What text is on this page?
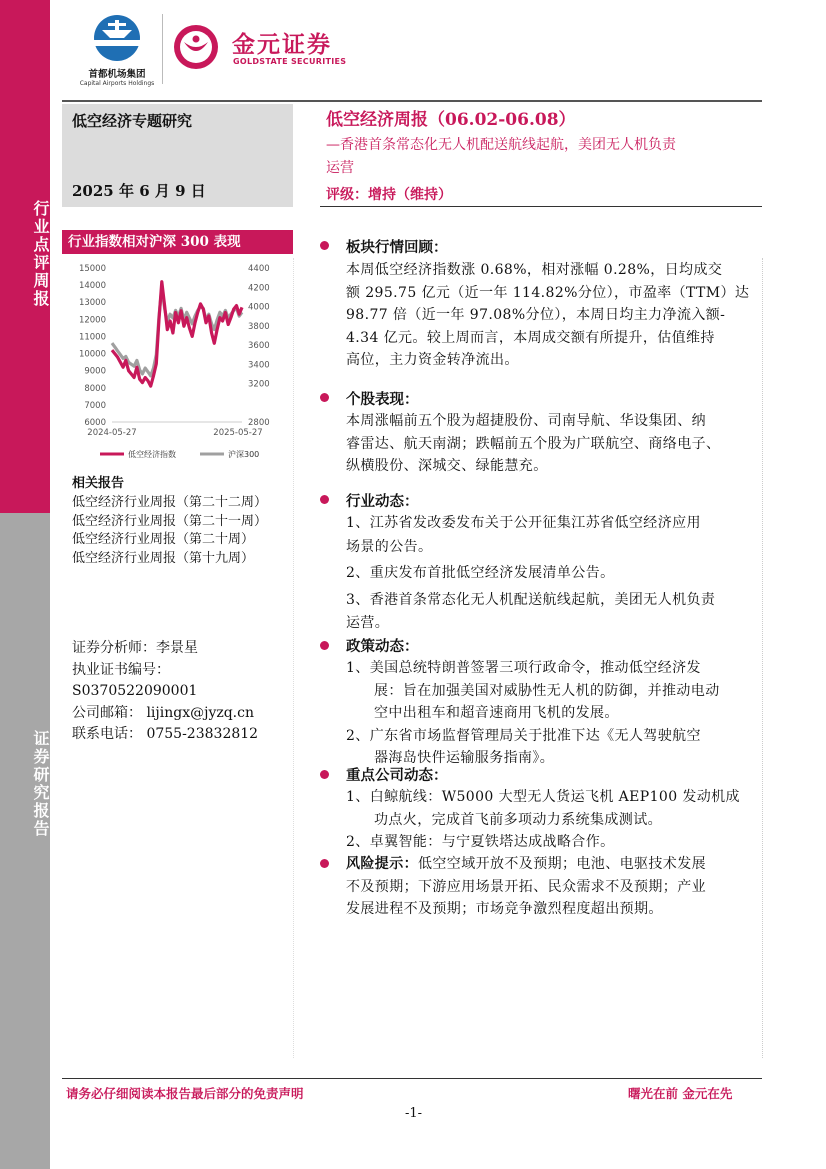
行业点评周报
证券研究报告
首都机场集团
Capital Airports Holdings
金元证券
GOLDSTATE SECURITIES
低空经济专题研究
2025 年 6 月 9 日
行业指数相对沪深 300 表现
6000
7000
8000
9000
10000
11000
12000
13000
14000
15000
2800
3200
3400
3600
3800
4000
4200
4400
2024-05-27	2025-05-27
低空经济指数	沪深300
相关报告
低空经济行业周报（第二十二周）
低空经济行业周报（第二十一周）
低空经济行业周报（第二十周）
低空经济行业周报（第十九周）
证券分析师：李景星
执业证书编号：
S0370522090001
公司邮箱： lijingx@jyzq.cn
联系电话： 0755-23832812
低空经济周报（06.02-06.08）
—香港首条常态化无人机配送航线起航，美团无人机负责
运营
评级：增持（维持）
板块行情回顾：
本周低空经济指数涨 0.68%，相对涨幅 0.28%，日均成交
额 295.75 亿元（近一年 114.82%分位），市盈率（TTM）达
98.77 倍（近一年 97.08%分位），本周日均主力净流入额-
4.34 亿元。较上周而言，本周成交额有所提升，估值维持
高位，主力资金转净流出。
个股表现：
本周涨幅前五个股为超捷股份、司南导航、华设集团、纳
睿雷达、航天南湖；跌幅前五个股为广联航空、商络电子、
纵横股份、深城交、绿能慧充。
行业动态：
1、江苏省发改委发布关于公开征集江苏省低空经济应用
场景的公告。
2、重庆发布首批低空经济发展清单公告。
3、香港首条常态化无人机配送航线起航，美团无人机负责
运营。
政策动态：
1、美国总统特朗普签署三项行政命令，推动低空经济发
展：旨在加强美国对威胁性无人机的防御，并推动电动
空中出租车和超音速商用飞机的发展。
2、广东省市场监督管理局关于批准下达《无人驾驶航空
器海岛快件运输服务指南》。
重点公司动态：
1、白鲸航线：W5000 大型无人货运飞机 AEP100 发动机成
功点火，完成首飞前多项动力系统集成测试。
2、卓翼智能：与宁夏铁塔达成战略合作。
风险提示：低空空域开放不及预期；电池、电驱技术发展
不及预期；下游应用场景开拓、民众需求不及预期；产业
发展进程不及预期；市场竞争激烈程度超出预期。
请务必仔细阅读本报告最后部分的免责声明	曙光在前 金元在先
-1-
